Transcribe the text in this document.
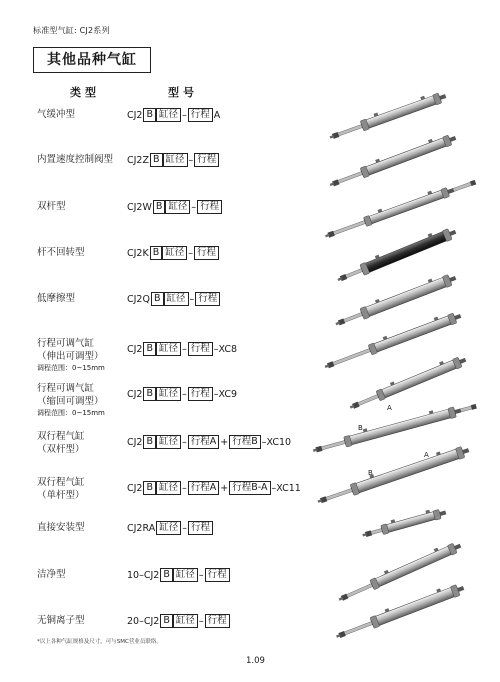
标准型气缸: CJ2系列
其他品种气缸
类型	型号
气缓冲型	CJ2 B 缸径 – 行程 A
内置速度控制阀型 CJ2Z B 缸径 – 行程
双杆型	CJ2W B 缸径 – 行程
杆不回转型	CJ2K B 缸径 – 行程
低摩擦型	CJ2Q B 缸径 – 行程
行程可调气缸
（伸出可调型）
调程范围：0~15mm
CJ2 B 缸径 – 行程 –XC8
行程可调气缸
（缩回可调型）
调程范围：0~15mm
CJ2 B 缸径 – 行程 –XC9
双行程气缸
（双杆型）
CJ2 B 缸径 – 行程A + 行程B –XC10
双行程气缸
（单杆型）
CJ2 B 缸径 – 行程A + 行程B-A –XC11
直接安装型	CJ2RA 缸径 – 行程
洁净型	10–CJ2 B 缸径 – 行程
无铜离子型	20–CJ2 B 缸径 – 行程
A
B
A
B
*以上各种气缸规格及尺寸，可与SMC营业员联络。
1.09
